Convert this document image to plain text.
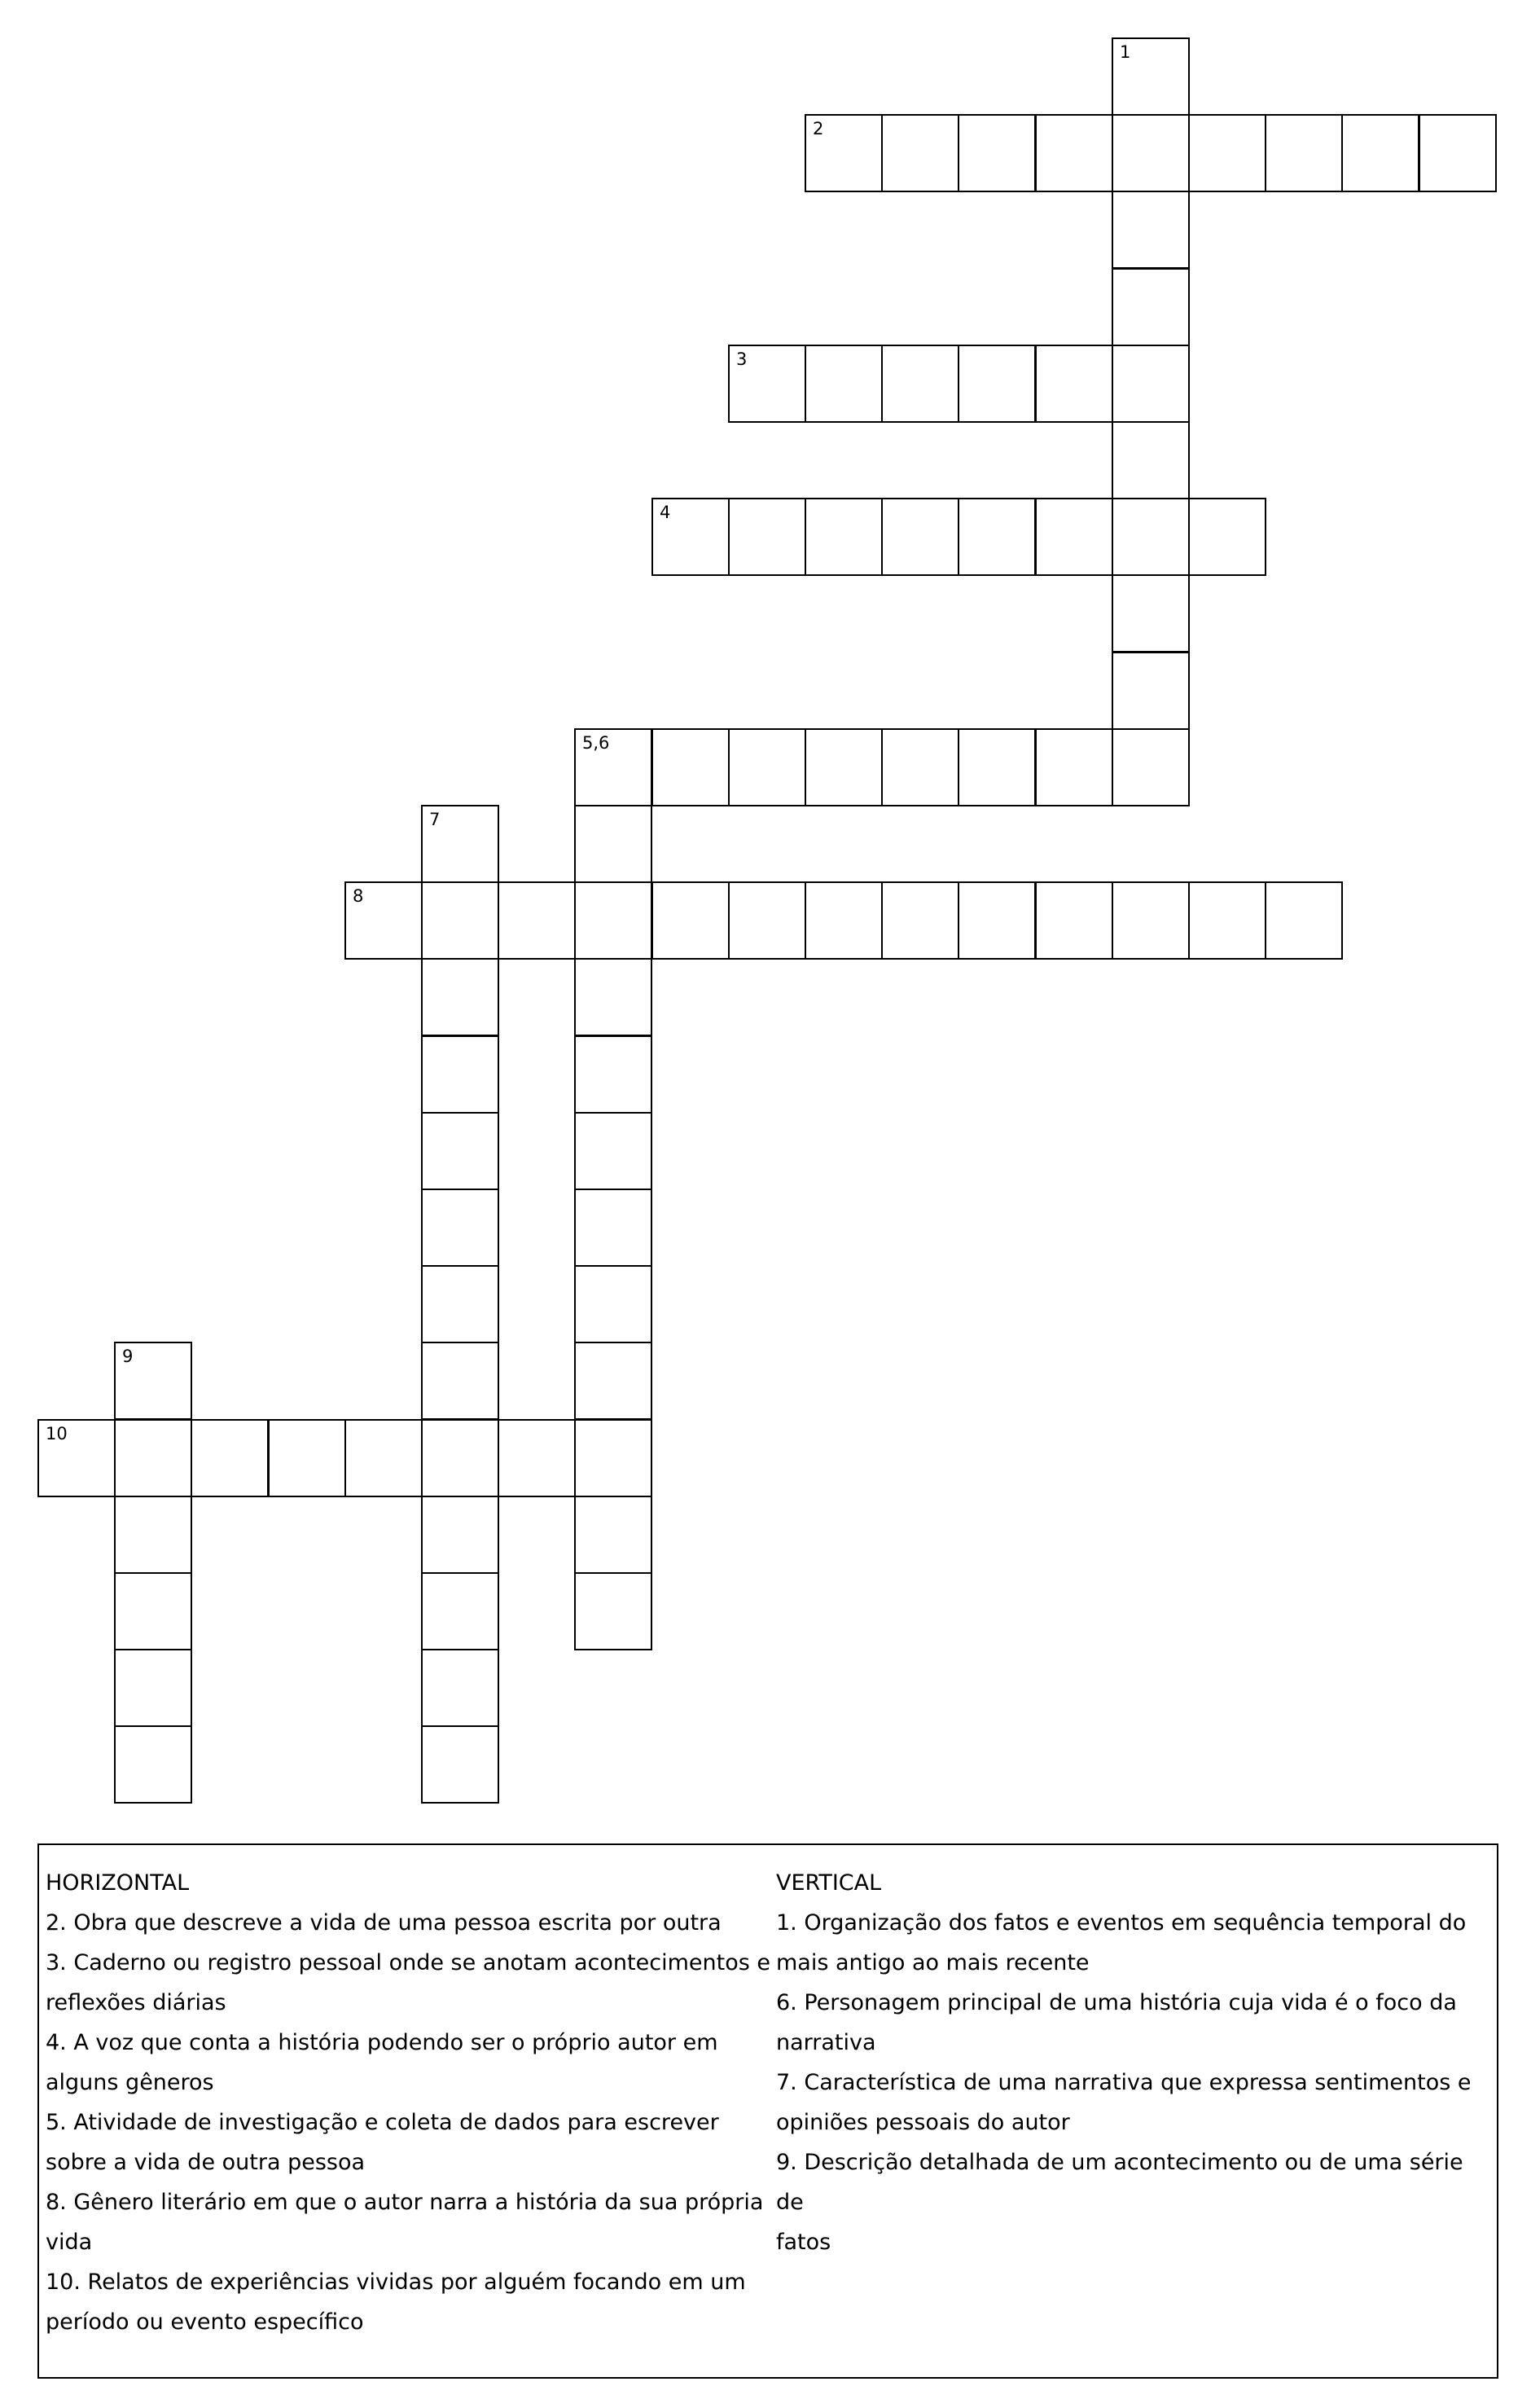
1
2
3
4
5,6
7
8
9
10
HORIZONTAL
2. Obra que descreve a vida de uma pessoa escrita por outra
3. Caderno ou registro pessoal onde se anotam acontecimentos e
reflexões diárias
4. A voz que conta a história podendo ser o próprio autor em
alguns gêneros
5. Atividade de investigação e coleta de dados para escrever
sobre a vida de outra pessoa
8. Gênero literário em que o autor narra a história da sua própria
vida
10. Relatos de experiências vividas por alguém focando em um
período ou evento específico
VERTICAL
1. Organização dos fatos e eventos em sequência temporal do
mais antigo ao mais recente
6. Personagem principal de uma história cuja vida é o foco da
narrativa
7. Característica de uma narrativa que expressa sentimentos e
opiniões pessoais do autor
9. Descrição detalhada de um acontecimento ou de uma série de
fatos
